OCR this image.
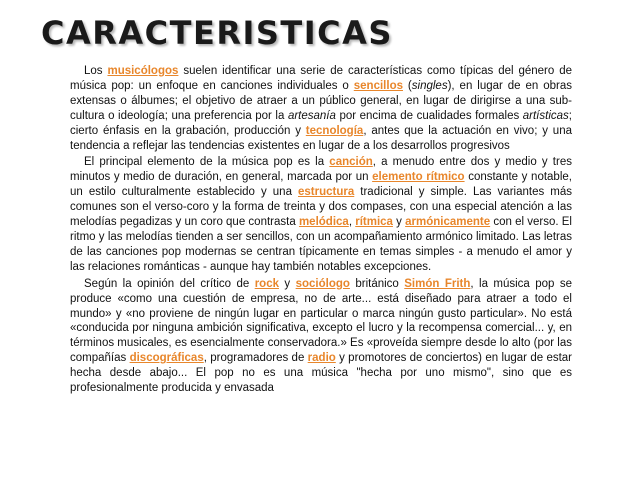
CARACTERISTICAS

Los musicólogos suelen identificar una serie de características como típicas del género de música pop: un enfoque en canciones individuales o sencillos (singles), en lugar de en obras extensas o álbumes; el objetivo de atraer a un público general, en lugar de dirigirse a una sub-cultura o ideología; una preferencia por la artesanía por encima de cualidades formales artísticas; cierto énfasis en la grabación, producción y tecnología, antes que la actuación en vivo; y una tendencia a reflejar las tendencias existentes en lugar de a los desarrollos progresivos

El principal elemento de la música pop es la canción, a menudo entre dos y medio y tres minutos y medio de duración, en general, marcada por un elemento rítmico constante y notable, un estilo culturalmente establecido y una estructura tradicional y simple. Las variantes más comunes son el verso-coro y la forma de treinta y dos compases, con una especial atención a las melodías pegadizas y un coro que contrasta melódica, rítmica y armónicamente con el verso. El ritmo y las melodías tienden a ser sencillos, con un acompañamiento armónico limitado. Las letras de las canciones pop modernas se centran típicamente en temas simples - a menudo el amor y las relaciones románticas - aunque hay también notables excepciones.

Según la opinión del crítico de rock y sociólogo británico Simón Frith, la música pop se produce «como una cuestión de empresa, no de arte... está diseñado para atraer a todo el mundo» y «no proviene de ningún lugar en particular o marca ningún gusto particular». No está «conducida por ninguna ambición significativa, excepto el lucro y la recompensa comercial... y, en términos musicales, es esencialmente conservadora.» Es «proveída siempre desde lo alto (por las compañías discográficas, programadores de radio y promotores de conciertos) en lugar de estar hecha desde abajo... El pop no es una música "hecha por uno mismo", sino que es profesionalmente producida y envasada
